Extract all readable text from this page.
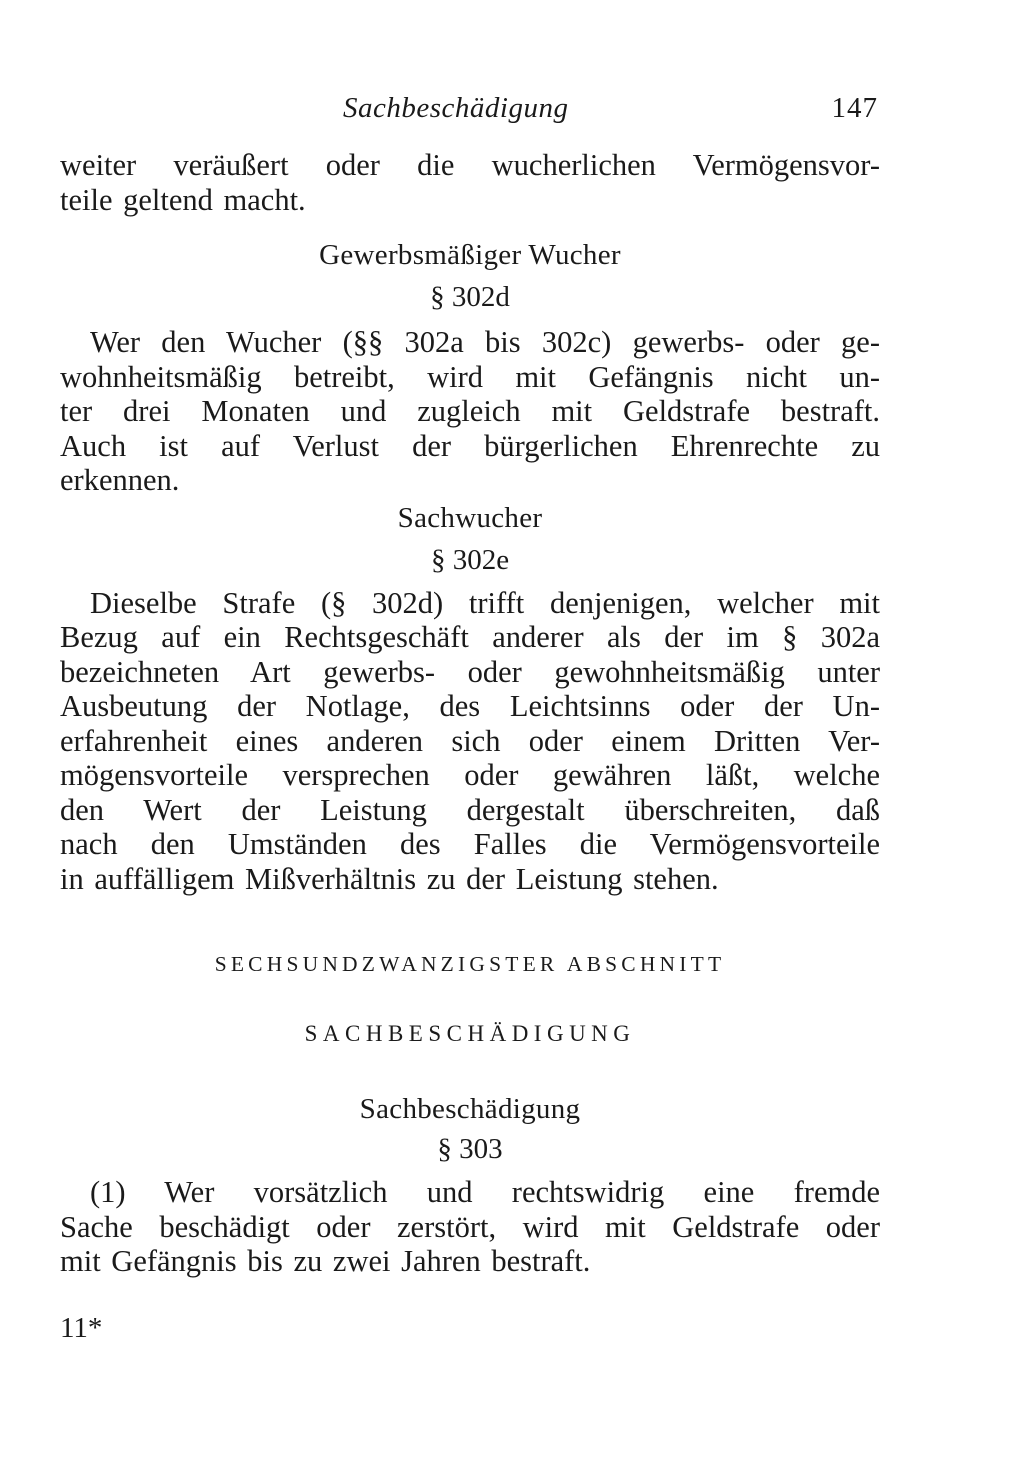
Sachbeschädigung	147

weiter veräußert oder die wucherlichen Vermögensvor-
teile geltend macht.

Gewerbsmäßiger Wucher

§ 302d

Wer den Wucher (§§ 302a bis 302c) gewerbs- oder ge-
wohnheitsmäßig betreibt, wird mit Gefängnis nicht un-
ter drei Monaten und zugleich mit Geldstrafe bestraft.
Auch ist auf Verlust der bürgerlichen Ehrenrechte zu
erkennen.

Sachwucher

§ 302e

Dieselbe Strafe (§ 302d) trifft denjenigen, welcher mit
Bezug auf ein Rechtsgeschäft anderer als der im § 302a
bezeichneten Art gewerbs- oder gewohnheitsmäßig unter
Ausbeutung der Notlage, des Leichtsinns oder der Un-
erfahrenheit eines anderen sich oder einem Dritten Ver-
mögensvorteile versprechen oder gewähren läßt, welche
den Wert der Leistung dergestalt überschreiten, daß
nach den Umständen des Falles die Vermögensvorteile
in auffälligem Mißverhältnis zu der Leistung stehen.

SECHSUNDZWANZIGSTER ABSCHNITT

SACHBESCHÄDIGUNG

Sachbeschädigung

§ 303

(1) Wer vorsätzlich und rechtswidrig eine fremde
Sache beschädigt oder zerstört, wird mit Geldstrafe oder
mit Gefängnis bis zu zwei Jahren bestraft.

11*
